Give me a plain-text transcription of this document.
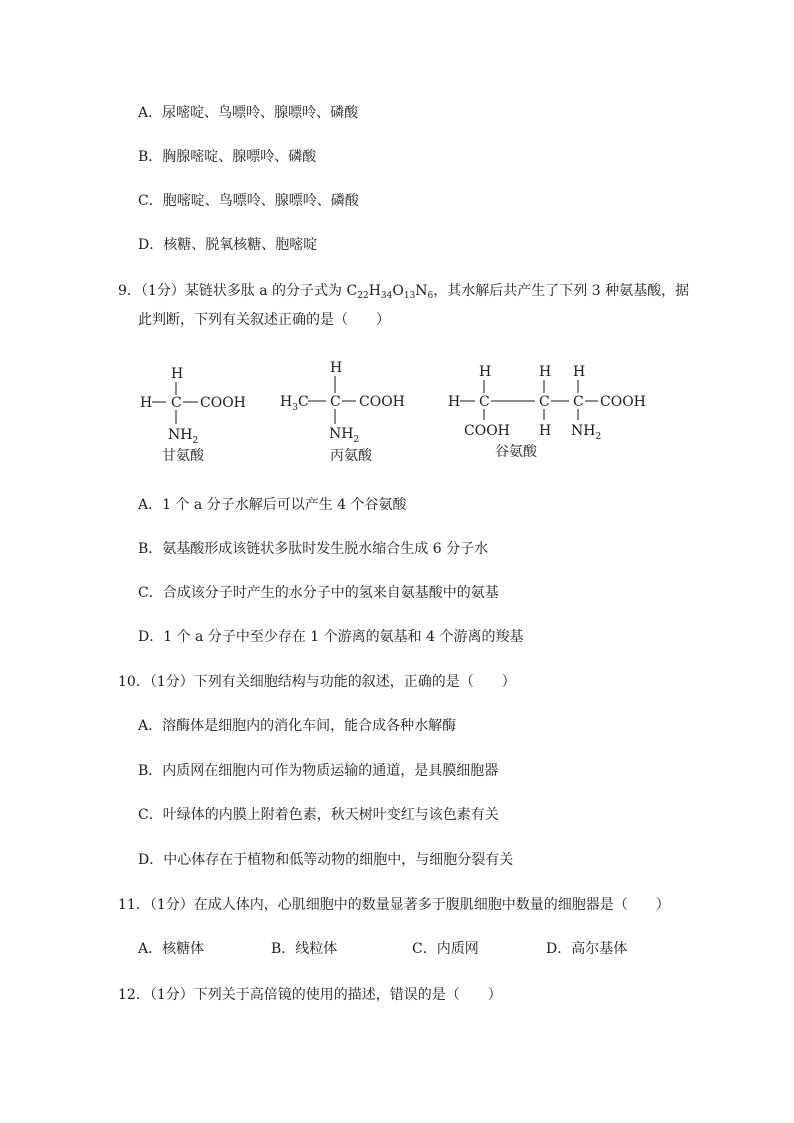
A．尿嘧啶、鸟嘌呤、腺嘌呤、磷酸
B．胸腺嘧啶、腺嘌呤、磷酸
C．胞嘧啶、鸟嘌呤、腺嘌呤、磷酸
D．核糖、脱氧核糖、胞嘧啶
9．（1分）某链状多肽 a 的分子式为 $C_{22}H_{34}O_{13}N_6$，其水解后共产生了下列 3 种氨基酸，据
此判断，下列有关叙述正确的是（　　）
H
H C COOH
$NH_2$
甘氨酸
H
$H_3C$ C COOH
$NH_2$
丙氨酸
H	H H
H C	C C COOH
COOH H $NH_2$
谷氨酸
A．1 个 a 分子水解后可以产生 4 个谷氨酸
B．氨基酸形成该链状多肽时发生脱水缩合生成 6 分子水
C．合成该分子时产生的水分子中的氢来自氨基酸中的氨基
D．1 个 a 分子中至少存在 1 个游离的氨基和 4 个游离的羧基
10．（1分）下列有关细胞结构与功能的叙述，正确的是（　　）
A．溶酶体是细胞内的消化车间，能合成各种水解酶
B．内质网在细胞内可作为物质运输的通道，是具膜细胞器
C．叶绿体的内膜上附着色素，秋天树叶变红与该色素有关
D．中心体存在于植物和低等动物的细胞中，与细胞分裂有关
11．（1分）在成人体内，心肌细胞中的数量显著多于腹肌细胞中数量的细胞器是（　　）
A．核糖体	B．线粒体	C．内质网	D．高尔基体
12．（1分）下列关于高倍镜的使用的描述，错误的是（　　）
